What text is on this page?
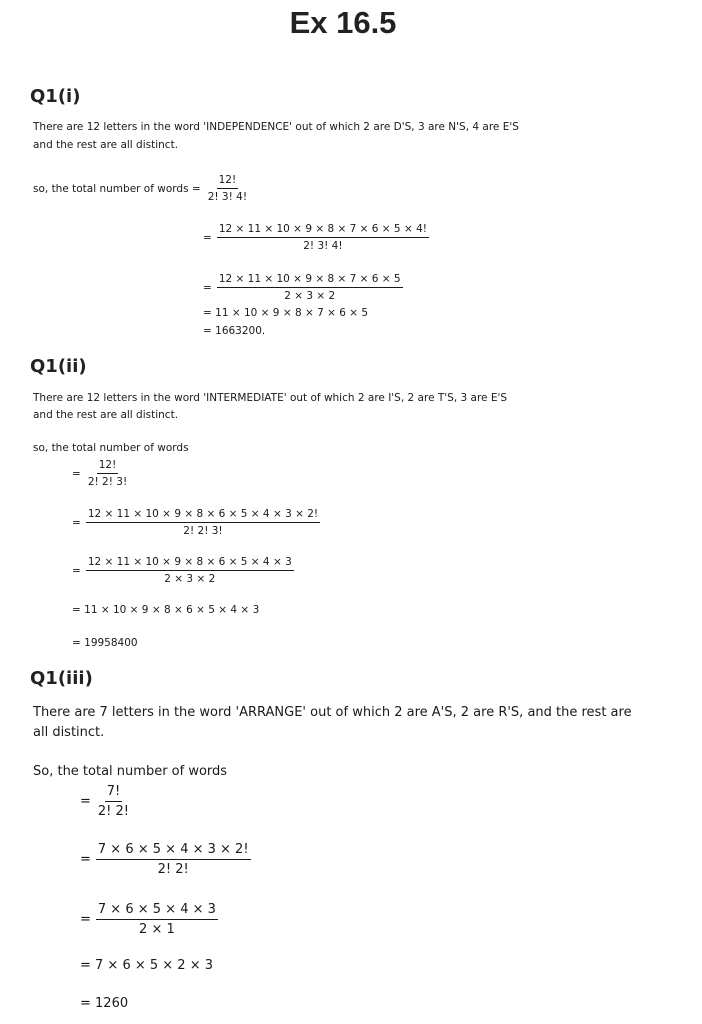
Ex 16.5
Q1(i)
There are 12 letters in the word 'INDEPENDENCE' out of which 2 are D'S, 3 are N'S, 4 are E'S
and the rest are all distinct.
so, the total number of words = $\frac{12!}{2! 3! 4!}$
= $\frac{12 \times 11 \times 10 \times 9 \times 8 \times 7 \times 6 \times 5 \times 4!}{2! 3! 4!}$
= $\frac{12 \times 11 \times 10 \times 9 \times 8 \times 7 \times 6 \times 5}{2 \times 3 \times 2}$
= 11 × 10 × 9 × 8 × 7 × 6 × 5
= 1663200.
Q1(ii)
There are 12 letters in the word 'INTERMEDIATE' out of which 2 are I'S, 2 are T'S, 3 are E'S
and the rest are all distinct.
so, the total number of words
= $\frac{12!}{2! 2! 3!}$
= $\frac{12 \times 11 \times 10 \times 9 \times 8 \times 6 \times 5 \times 4 \times 3 \times 2!}{2! 2! 3!}$
= $\frac{12 \times 11 \times 10 \times 9 \times 8 \times 6 \times 5 \times 4 \times 3}{2 \times 3 \times 2}$
= 11 × 10 × 9 × 8 × 6 × 5 × 4 × 3
= 19958400
Q1(iii)
There are 7 letters in the word 'ARRANGE' out of which 2 are A'S, 2 are R'S, and the rest are
all distinct.
So, the total number of words
= $\frac{7!}{2! 2!}$
= $\frac{7 \times 6 \times 5 \times 4 \times 3 \times 2!}{2! 2!}$
= $\frac{7 \times 6 \times 5 \times 4 \times 3}{2 \times 1}$
= 7 × 6 × 5 × 2 × 3
= 1260
